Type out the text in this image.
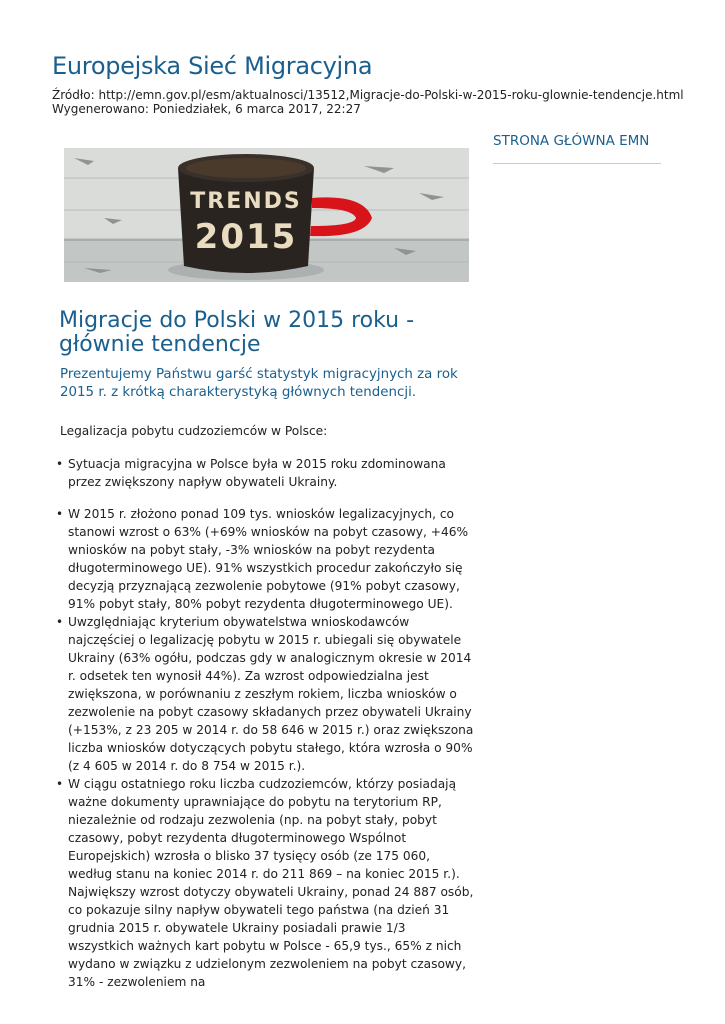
Europejska Sieć Migracyjna
Źródło: http://emn.gov.pl/esm/aktualnosci/13512,Migracje-do-Polski-w-2015-roku-glownie-tendencje.html
Wygenerowano: Poniedziałek, 6 marca 2017, 22:27
STRONA GŁÓWNA EMN
TRENDS
2015
Migracje do Polski w 2015 roku - głównie tendencje
Prezentujemy Państwu garść statystyk migracyjnych za rok 2015 r. z krótką charakterystyką głównych tendencji.
Legalizacja pobytu cudzoziemców w Polsce:
• Sytuacja migracyjna w Polsce była w 2015 roku zdominowana przez zwiększony napływ obywateli Ukrainy.
• W 2015 r. złożono ponad 109 tys. wniosków legalizacyjnych, co stanowi wzrost o 63% (+69% wniosków na pobyt czasowy, +46% wniosków na pobyt stały, -3% wniosków na pobyt rezydenta długoterminowego UE). 91% wszystkich procedur zakończyło się decyzją przyznającą zezwolenie pobytowe (91% pobyt czasowy, 91% pobyt stały, 80% pobyt rezydenta długoterminowego UE).
• Uwzględniając kryterium obywatelstwa wnioskodawców najczęściej o legalizację pobytu w 2015 r. ubiegali się obywatele Ukrainy (63% ogółu, podczas gdy w analogicznym okresie w 2014 r. odsetek ten wynosił 44%). Za wzrost odpowiedzialna jest zwiększona, w porównaniu z zeszłym rokiem, liczba wniosków o zezwolenie na pobyt czasowy składanych przez obywateli Ukrainy (+153%, z 23 205 w 2014 r. do 58 646 w 2015 r.) oraz zwiększona liczba wniosków dotyczących pobytu stałego, która wzrosła o 90% (z 4 605 w 2014 r. do 8 754 w 2015 r.).
• W ciągu ostatniego roku liczba cudzoziemców, którzy posiadają ważne dokumenty uprawniające do pobytu na terytorium RP, niezależnie od rodzaju zezwolenia (np. na pobyt stały, pobyt czasowy, pobyt rezydenta długoterminowego Wspólnot Europejskich) wzrosła o blisko 37 tysięcy osób (ze 175 060, według stanu na koniec 2014 r. do 211 869 – na koniec 2015 r.). Największy wzrost dotyczy obywateli Ukrainy, ponad 24 887 osób, co pokazuje silny napływ obywateli tego państwa (na dzień 31 grudnia 2015 r. obywatele Ukrainy posiadali prawie 1/3 wszystkich ważnych kart pobytu w Polsce - 65,9 tys., 65% z nich wydano w związku z udzielonym zezwoleniem na pobyt czasowy, 31% - zezwoleniem na
